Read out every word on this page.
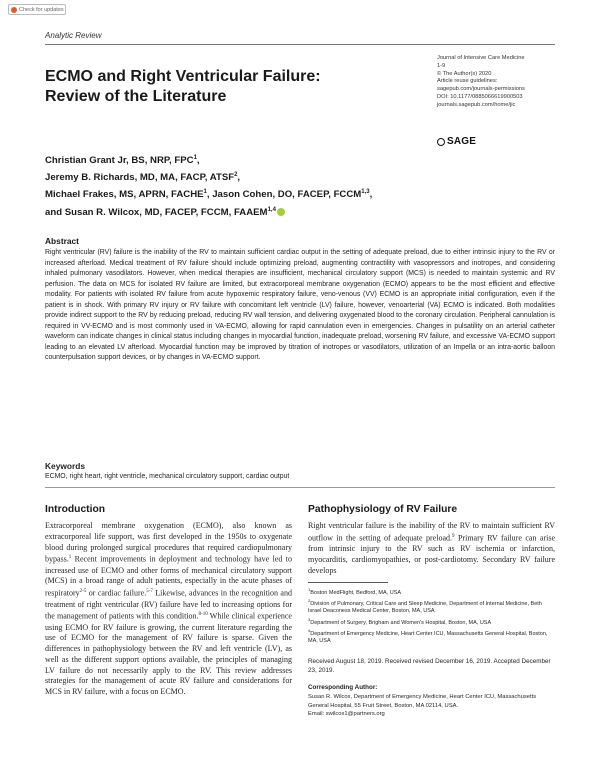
Check for updates
Analytic Review
ECMO and Right Ventricular Failure:
Review of the Literature
Journal of Intensive Care Medicine
1-9
© The Author(s) 2020
Article reuse guidelines:
sagepub.com/journals-permissions
DOI: 10.1177/0885066619900503
journals.sagepub.com/home/jic
SAGE
Christian Grant Jr, BS, NRP, FPC$^1$,
Jeremy B. Richards, MD, MA, FACP, ATSF$^2$,
Michael Frakes, MS, APRN, FACHE$^1$, Jason Cohen, DO, FACEP, FCCM$^{1,3}$,
and Susan R. Wilcox, MD, FACEP, FCCM, FAAEM$^{1,4}$
Abstract
Right ventricular (RV) failure is the inability of the RV to maintain sufficient cardiac output in the setting of adequate preload, due to either intrinsic injury to the RV or increased afterload. Medical treatment of RV failure should include optimizing preload, augmenting contractility with vasopressors and inotropes, and considering inhaled pulmonary vasodilators. However, when medical therapies are insufficient, mechanical circulatory support (MCS) is needed to maintain systemic and RV perfusion. The data on MCS for isolated RV failure are limited, but extracorporeal membrane oxygenation (ECMO) appears to be the most efficient and effective modality. For patients with isolated RV failure from acute hypoxemic respiratory failure, veno-venous (VV) ECMO is an appropriate initial configuration, even if the patient is in shock. With primary RV injury or RV failure with concomitant left ventricle (LV) failure, however, venoarterial (VA) ECMO is indicated. Both modalities provide indirect support to the RV by reducing preload, reducing RV wall tension, and delivering oxygenated blood to the coronary circulation. Peripheral cannulation is required in VV-ECMO and is most commonly used in VA-ECMO, allowing for rapid cannulation even in emergencies. Changes in pulsatility on an arterial catheter waveform can indicate changes in clinical status including changes in myocardial function, inadequate preload, worsening RV failure, and excessive VA-ECMO support leading to an elevated LV afterload. Myocardial function may be improved by titration of inotropes or vasodilators, utilization of an Impella or an intra-aortic balloon counterpulsation support devices, or by changes in VA-ECMO support.
Keywords
ECMO, right heart, right ventricle, mechanical circulatory support, cardiac output
Introduction
Extracorporeal membrane oxygenation (ECMO), also known as extracorporeal life support, was first developed in the 1950s to oxygenate blood during prolonged surgical procedures that required cardiopulmonary bypass.$^1$ Recent improvements in deployment and technology have led to increased use of ECMO and other forms of mechanical circulatory support (MCS) in a broad range of adult patients, especially in the acute phases of respiratory$^{2-5}$ or cardiac failure.$^{5-7}$ Likewise, advances in the recognition and treatment of right ventricular (RV) failure have led to increasing options for the management of patients with this condition.$^{8-10}$ While clinical experience using ECMO for RV failure is growing, the current literature regarding the use of ECMO for the management of RV failure is sparse. Given the differences in pathophysiology between the RV and left ventricle (LV), as well as the different support options available, the principles of managing LV failure do not necessarily apply to the RV. This review addresses strategies for the management of acute RV failure and considerations for MCS in RV failure, with a focus on ECMO.
Pathophysiology of RV Failure
Right ventricular failure is the inability of the RV to maintain sufficient RV outflow in the setting of adequate preload.$^9$ Primary RV failure can arise from intrinsic injury to the RV such as RV ischemia or infarction, myocarditis, cardiomyopathies, or post-cardiotomy. Secondary RV failure develops
$^1$Boston MedFlight, Bedford, MA, USA
$^2$Division of Pulmonary, Critical Care and Sleep Medicine, Department of Internal Medicine, Beth Israel Deaconess Medical Center, Boston, MA, USA
$^3$Department of Surgery, Brigham and Women's Hospital, Boston, MA, USA
$^4$Department of Emergency Medicine, Heart Center ICU, Massachusetts General Hospital, Boston, MA, USA
Received August 18, 2019. Received revised December 16, 2019. Accepted December 23, 2019.
Corresponding Author:
Susan R. Wilcox, Department of Emergency Medicine, Heart Center ICU, Massachusetts General Hospital, 55 Fruit Street, Boston, MA 02114, USA.
Email: swilcox1@partners.org
